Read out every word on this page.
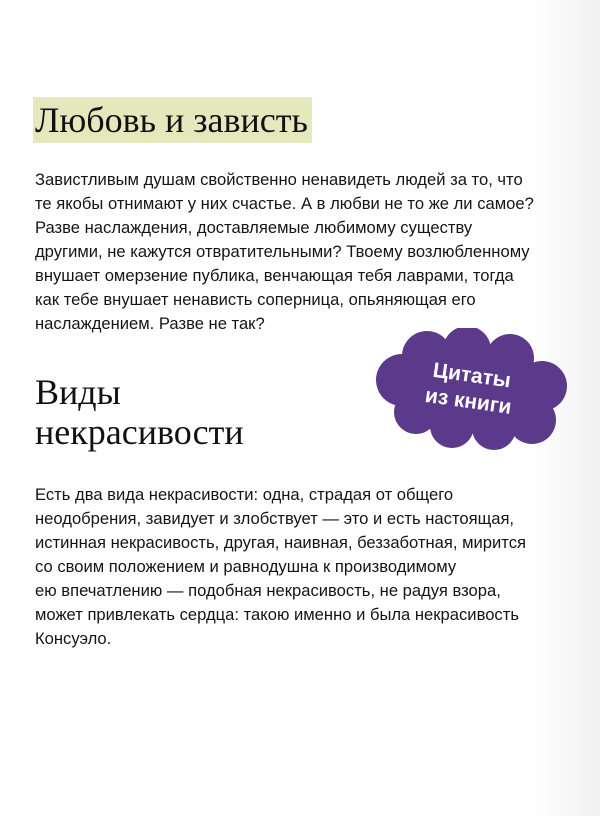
Любовь и зависть

Завистливым душам свойственно ненавидеть людей за то, что
те якобы отнимают у них счастье. А в любви не то же ли самое?
Разве наслаждения, доставляемые любимому существу
другими, не кажутся отвратительными? Твоему возлюбленному
внушает омерзение публика, венчающая тебя лаврами, тогда
как тебе внушает ненависть соперница, опьяняющая его
наслаждением. Разве не так?

Виды некрасивости
Цитаты
из книги

Есть два вида некрасивости: одна, страдая от общего
неодобрения, завидует и злобствует — это и есть настоящая,
истинная некрасивость, другая, наивная, беззаботная, мирится
со своим положением и равнодушна к производимому
ею впечатлению — подобная некрасивость, не радуя взора,
может привлекать сердца: такою именно и была некрасивость
Консуэло.
